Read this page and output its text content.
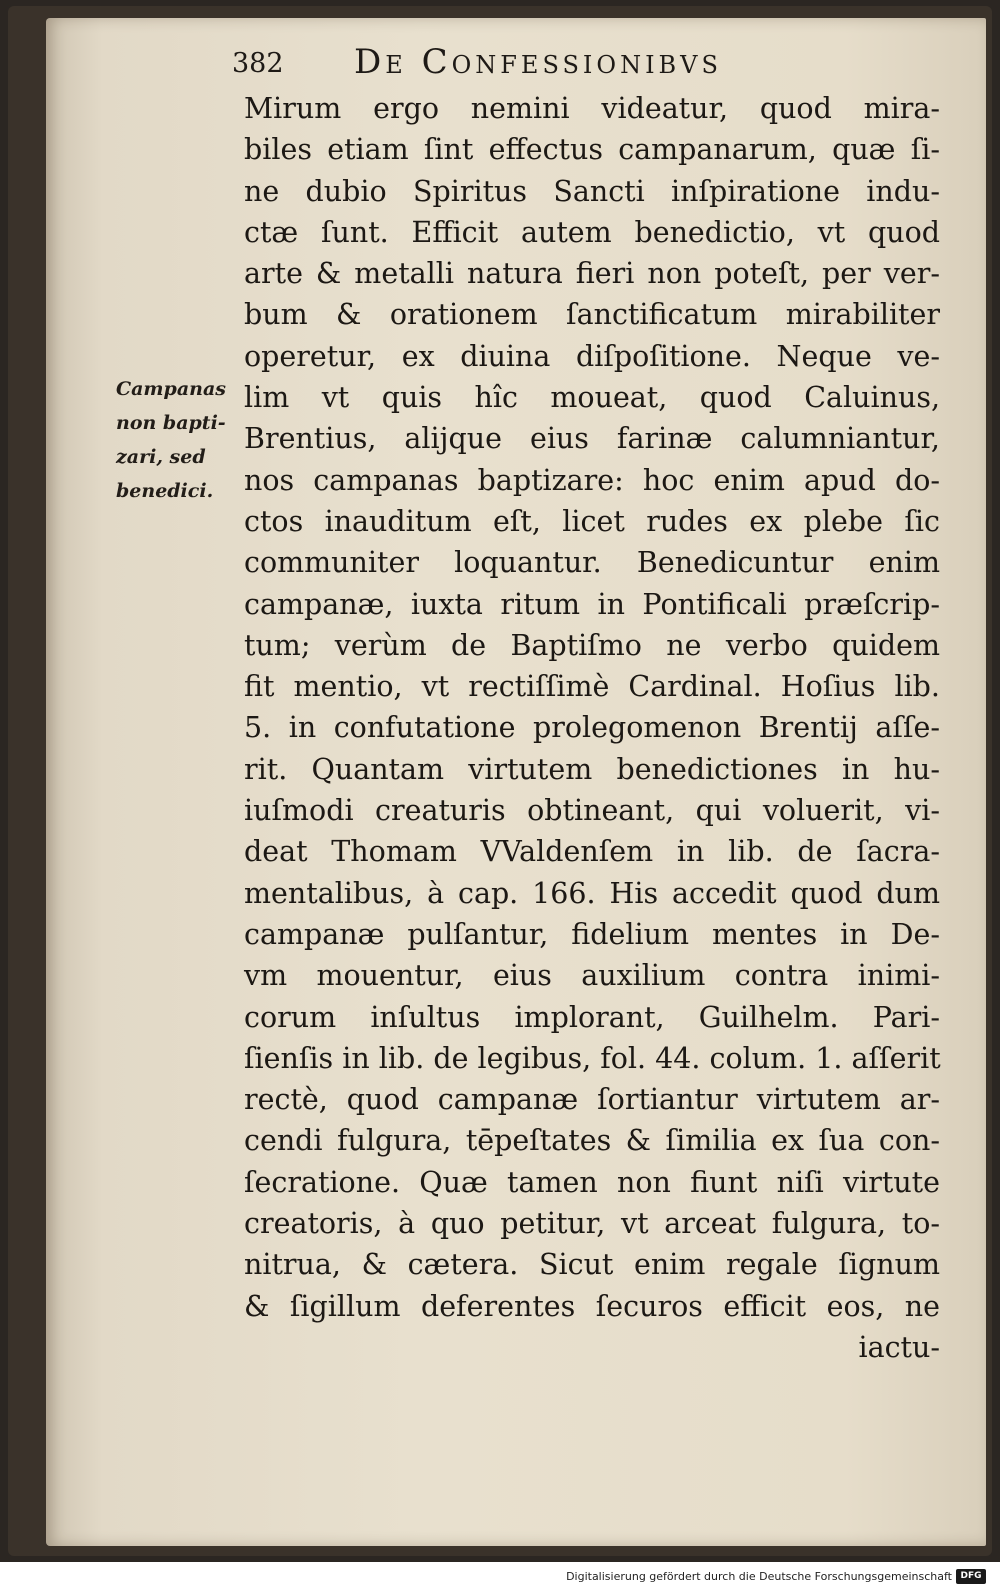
382 De Confessionibvs
Campanas
non bapti-
zari, sed
benedici.
Mirum ergo nemini videatur, quod mira-
biles etiam ſint effectus campanarum, quæ ſi-
ne dubio Spiritus Sancti inſpiratione indu-
ctæ ſunt. Efficit autem benedictio, vt quod
arte & metalli natura fieri non poteſt, per ver-
bum & orationem ſanctificatum mirabiliter
operetur, ex diuina diſpoſitione. Neque ve-
lim vt quis hîc moueat, quod Caluinus,
Brentius, alijque eius farinæ calumniantur,
nos campanas baptizare: hoc enim apud do-
ctos inauditum eſt, licet rudes ex plebe ſic
communiter loquantur. Benedicuntur enim
campanæ, iuxta ritum in Pontificali præſcrip-
tum; verùm de Baptiſmo ne verbo quidem
fit mentio, vt rectiſſimè Cardinal. Hoſius lib.
5. in confutatione prolegomenon Brentij aſſe-
rit. Quantam virtutem benedictiones in hu-
iuſmodi creaturis obtineant, qui voluerit, vi-
deat Thomam VValdenſem in lib. de ſacra-
mentalibus, à cap. 166. His accedit quod dum
campanæ pulſantur, fidelium mentes in De-
vm mouentur, eius auxilium contra inimi-
corum inſultus implorant, Guilhelm. Pari-
ſienſis in lib. de legibus, fol. 44. colum. 1. aſſerit
rectè, quod campanæ ſortiantur virtutem ar-
cendi fulgura, tēpeſtates & ſimilia ex ſua con-
ſecratione. Quæ tamen non fiunt niſi virtute
creatoris, à quo petitur, vt arceat fulgura, to-
nitrua, & cætera. Sicut enim regale ſignum
& ſigillum deferentes ſecuros efficit eos, ne
iactu-
Digitalisierung gefördert durch die Deutsche Forschungsgemeinschaft DFG
